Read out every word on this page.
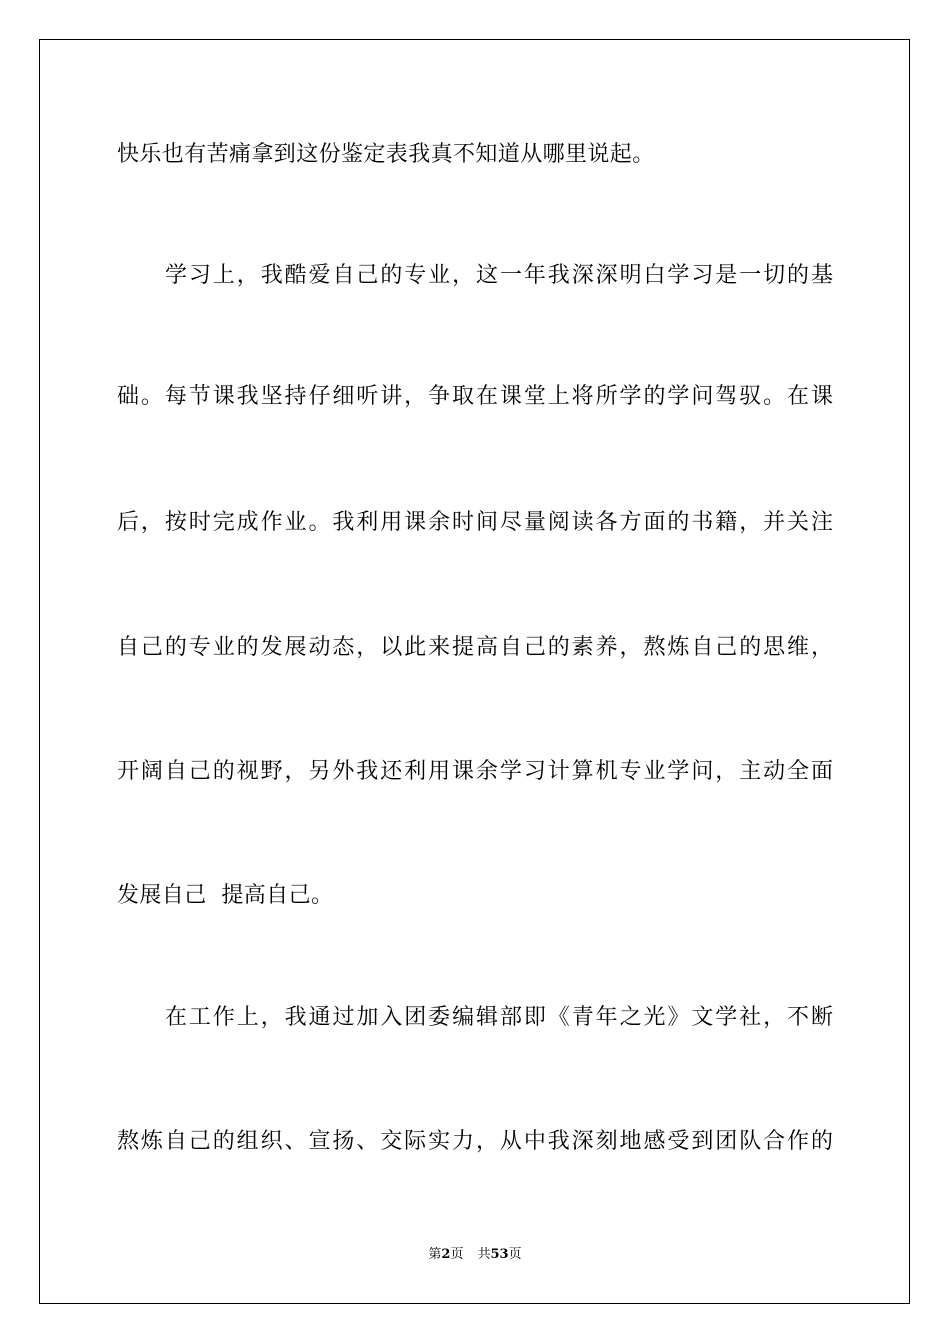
快乐也有苦痛拿到这份鉴定表我真不知道从哪里说起。
学习上，我酷爱自己的专业，这一年我深深明白学习是一切的基
础。每节课我坚持仔细听讲，争取在课堂上将所学的学问驾驭。在课
后，按时完成作业。我利用课余时间尽量阅读各方面的书籍，并关注
自己的专业的发展动态，以此来提高自己的素养，熬炼自己的思维，
开阔自己的视野，另外我还利用课余学习计算机专业学问，主动全面
发展自己  提高自己。
在工作上，我通过加入团委编辑部即《青年之光》文学社，不断
熬炼自己的组织、宣扬、交际实力，从中我深刻地感受到团队合作的
第2页 共53页
